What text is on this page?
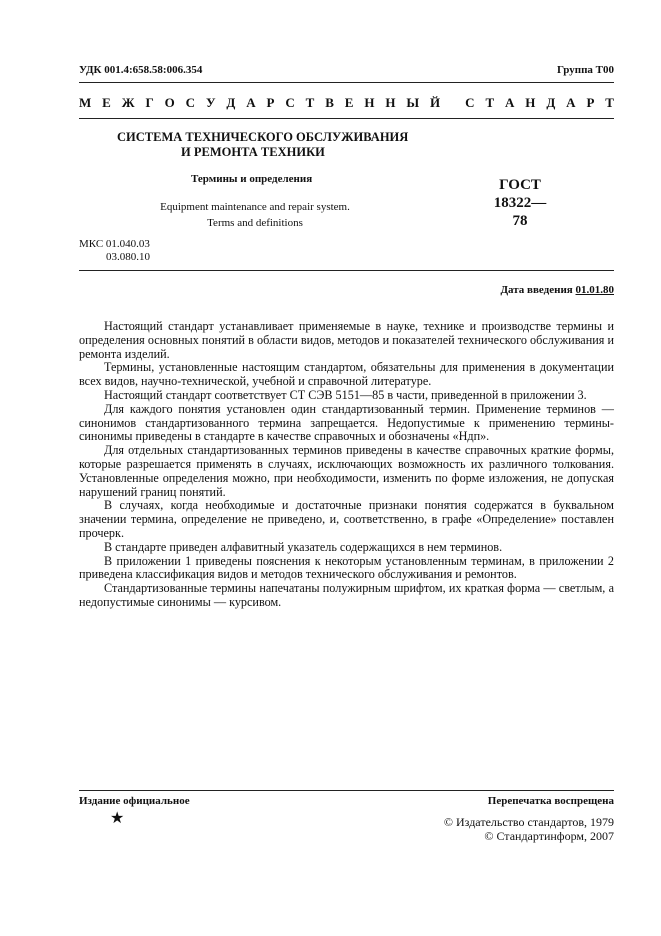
УДК 001.4:658.58:006.354	Группа Т00
М Е Ж Г О С У Д А Р С Т В Е Н Н Ы Й
С Т А Н Д А Р Т
СИСТЕМА ТЕХНИЧЕСКОГО ОБСЛУЖИВАНИЯ
И РЕМОНТА ТЕХНИКИ
Термины и определения
Equipment maintenance and repair system.
Terms and definitions
ГОСТ
18322—78
МКС 01.040.03
03.080.10
Дата введения 01.01.80

Настоящий стандарт устанавливает применяемые в науке, технике и производстве термины и определения основных понятий в области видов, методов и показателей технического обслуживания и ремонта изделий.

Термины, установленные настоящим стандартом, обязательны для применения в документации всех видов, научно-технической, учебной и справочной литературе.

Настоящий стандарт соответствует СТ СЭВ 5151—85 в части, приведенной в приложении 3.

Для каждого понятия установлен один стандартизованный термин. Применение терминов — синонимов стандартизованного термина запрещается. Недопустимые к применению термины-синонимы приведены в стандарте в качестве справочных и обозначены «Ндп».

Для отдельных стандартизованных терминов приведены в качестве справочных краткие формы, которые разрешается применять в случаях, исключающих возможность их различного толкования. Установленные определения можно, при необходимости, изменить по форме изложения, не допуская нарушений границ понятий.

В случаях, когда необходимые и достаточные признаки понятия содержатся в буквальном значении термина, определение не приведено, и, соответственно, в графе «Определение» поставлен прочерк.

В стандарте приведен алфавитный указатель содержащихся в нем терминов.

В приложении 1 приведены пояснения к некоторым установленным терминам, в приложении 2 приведена классификация видов и методов технического обслуживания и ремонтов.

Стандартизованные термины напечатаны полужирным шрифтом, их краткая форма — светлым, а недопустимые синонимы — курсивом.

Издание официальное	Перепечатка воспрещена
★	© Издательство стандартов, 1979
© Стандартинформ, 2007
